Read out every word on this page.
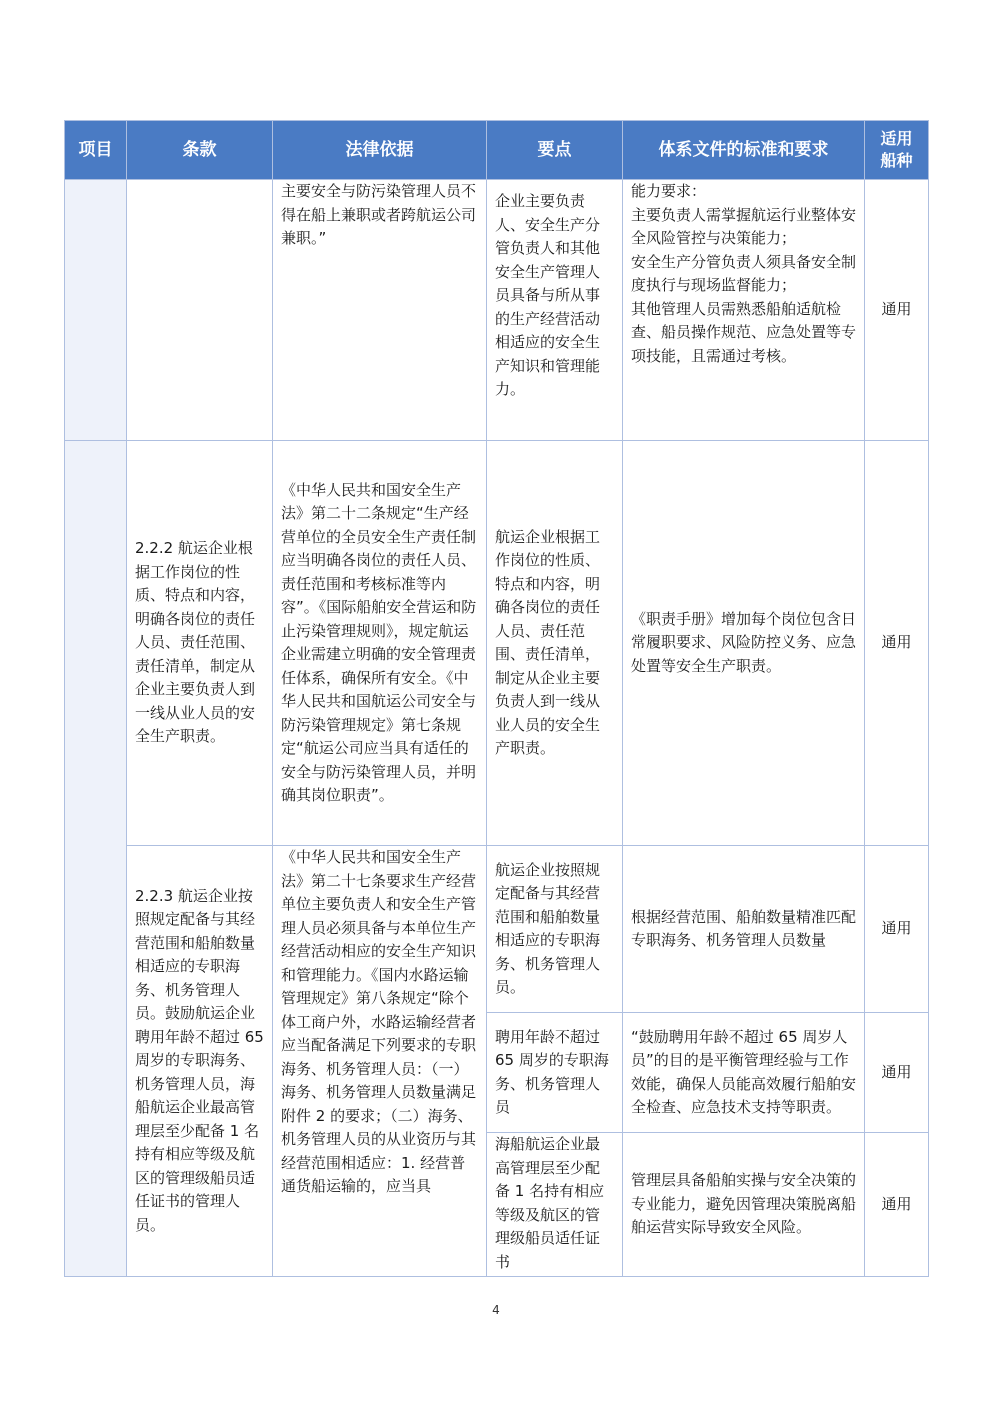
项目	条款	法律依据	要点	体系文件的标准和要求	适用船种
		主要安全与防污染管理人员不得在船上兼职或者跨航运公司兼职。”	企业主要负责人、安全生产分管负责人和其他安全生产管理人员具备与所从事的生产经营活动相适应的安全生产知识和管理能力。	能力要求：
主要负责人需掌握航运行业整体安全风险管控与决策能力；
安全生产分管负责人须具备安全制度执行与现场监督能力；
其他管理人员需熟悉船舶适航检查、船员操作规范、应急处置等专项技能，且需通过考核。	通用
	2.2.2 航运企业根据工作岗位的性质、特点和内容，明确各岗位的责任人员、责任范围、责任清单，制定从企业主要负责人到一线从业人员的安全生产职责。	《中华人民共和国安全生产法》第二十二条规定“生产经营单位的全员安全生产责任制应当明确各岗位的责任人员、责任范围和考核标准等内容”。《国际船舶安全营运和防止污染管理规则》，规定航运企业需建立明确的安全管理责任体系，确保所有安全。《中华人民共和国航运公司安全与防污染管理规定》第七条规定“航运公司应当具有适任的安全与防污染管理人员，并明确其岗位职责”。	航运企业根据工作岗位的性质、特点和内容，明确各岗位的责任人员、责任范围、责任清单，制定从企业主要负责人到一线从业人员的安全生产职责。	《职责手册》增加每个岗位包含日常履职要求、风险防控义务、应急处置等安全生产职责。	通用
	2.2.3 航运企业按照规定配备与其经营范围和船舶数量相适应的专职海务、机务管理人员。鼓励航运企业聘用年龄不超过 65 周岁的专职海务、机务管理人员，海船航运企业最高管理层至少配备 1 名持有相应等级及航区的管理级船员适任证书的管理人员。	《中华人民共和国安全生产法》第二十七条要求生产经营单位主要负责人和安全生产管理人员必须具备与本单位生产经营活动相应的安全生产知识和管理能力。《国内水路运输管理规定》第八条规定“除个体工商户外，水路运输经营者应当配备满足下列要求的专职海务、机务管理人员：（一）海务、机务管理人员数量满足附件 2 的要求；（二）海务、机务管理人员的从业资历与其经营范围相适应：1. 经营普通货船运输的，应当具	航运企业按照规定配备与其经营范围和船舶数量相适应的专职海务、机务管理人员。	根据经营范围、船舶数量精准匹配专职海务、机务管理人员数量	通用
			聘用年龄不超过 65 周岁的专职海务、机务管理人员	“鼓励聘用年龄不超过 65 周岁人员”的目的是平衡管理经验与工作效能，确保人员能高效履行船舶安全检查、应急技术支持等职责。	通用
			海船航运企业最高管理层至少配备 1 名持有相应等级及航区的管理级船员适任证书	管理层具备船舶实操与安全决策的专业能力，避免因管理决策脱离船舶运营实际导致安全风险。	通用
4
